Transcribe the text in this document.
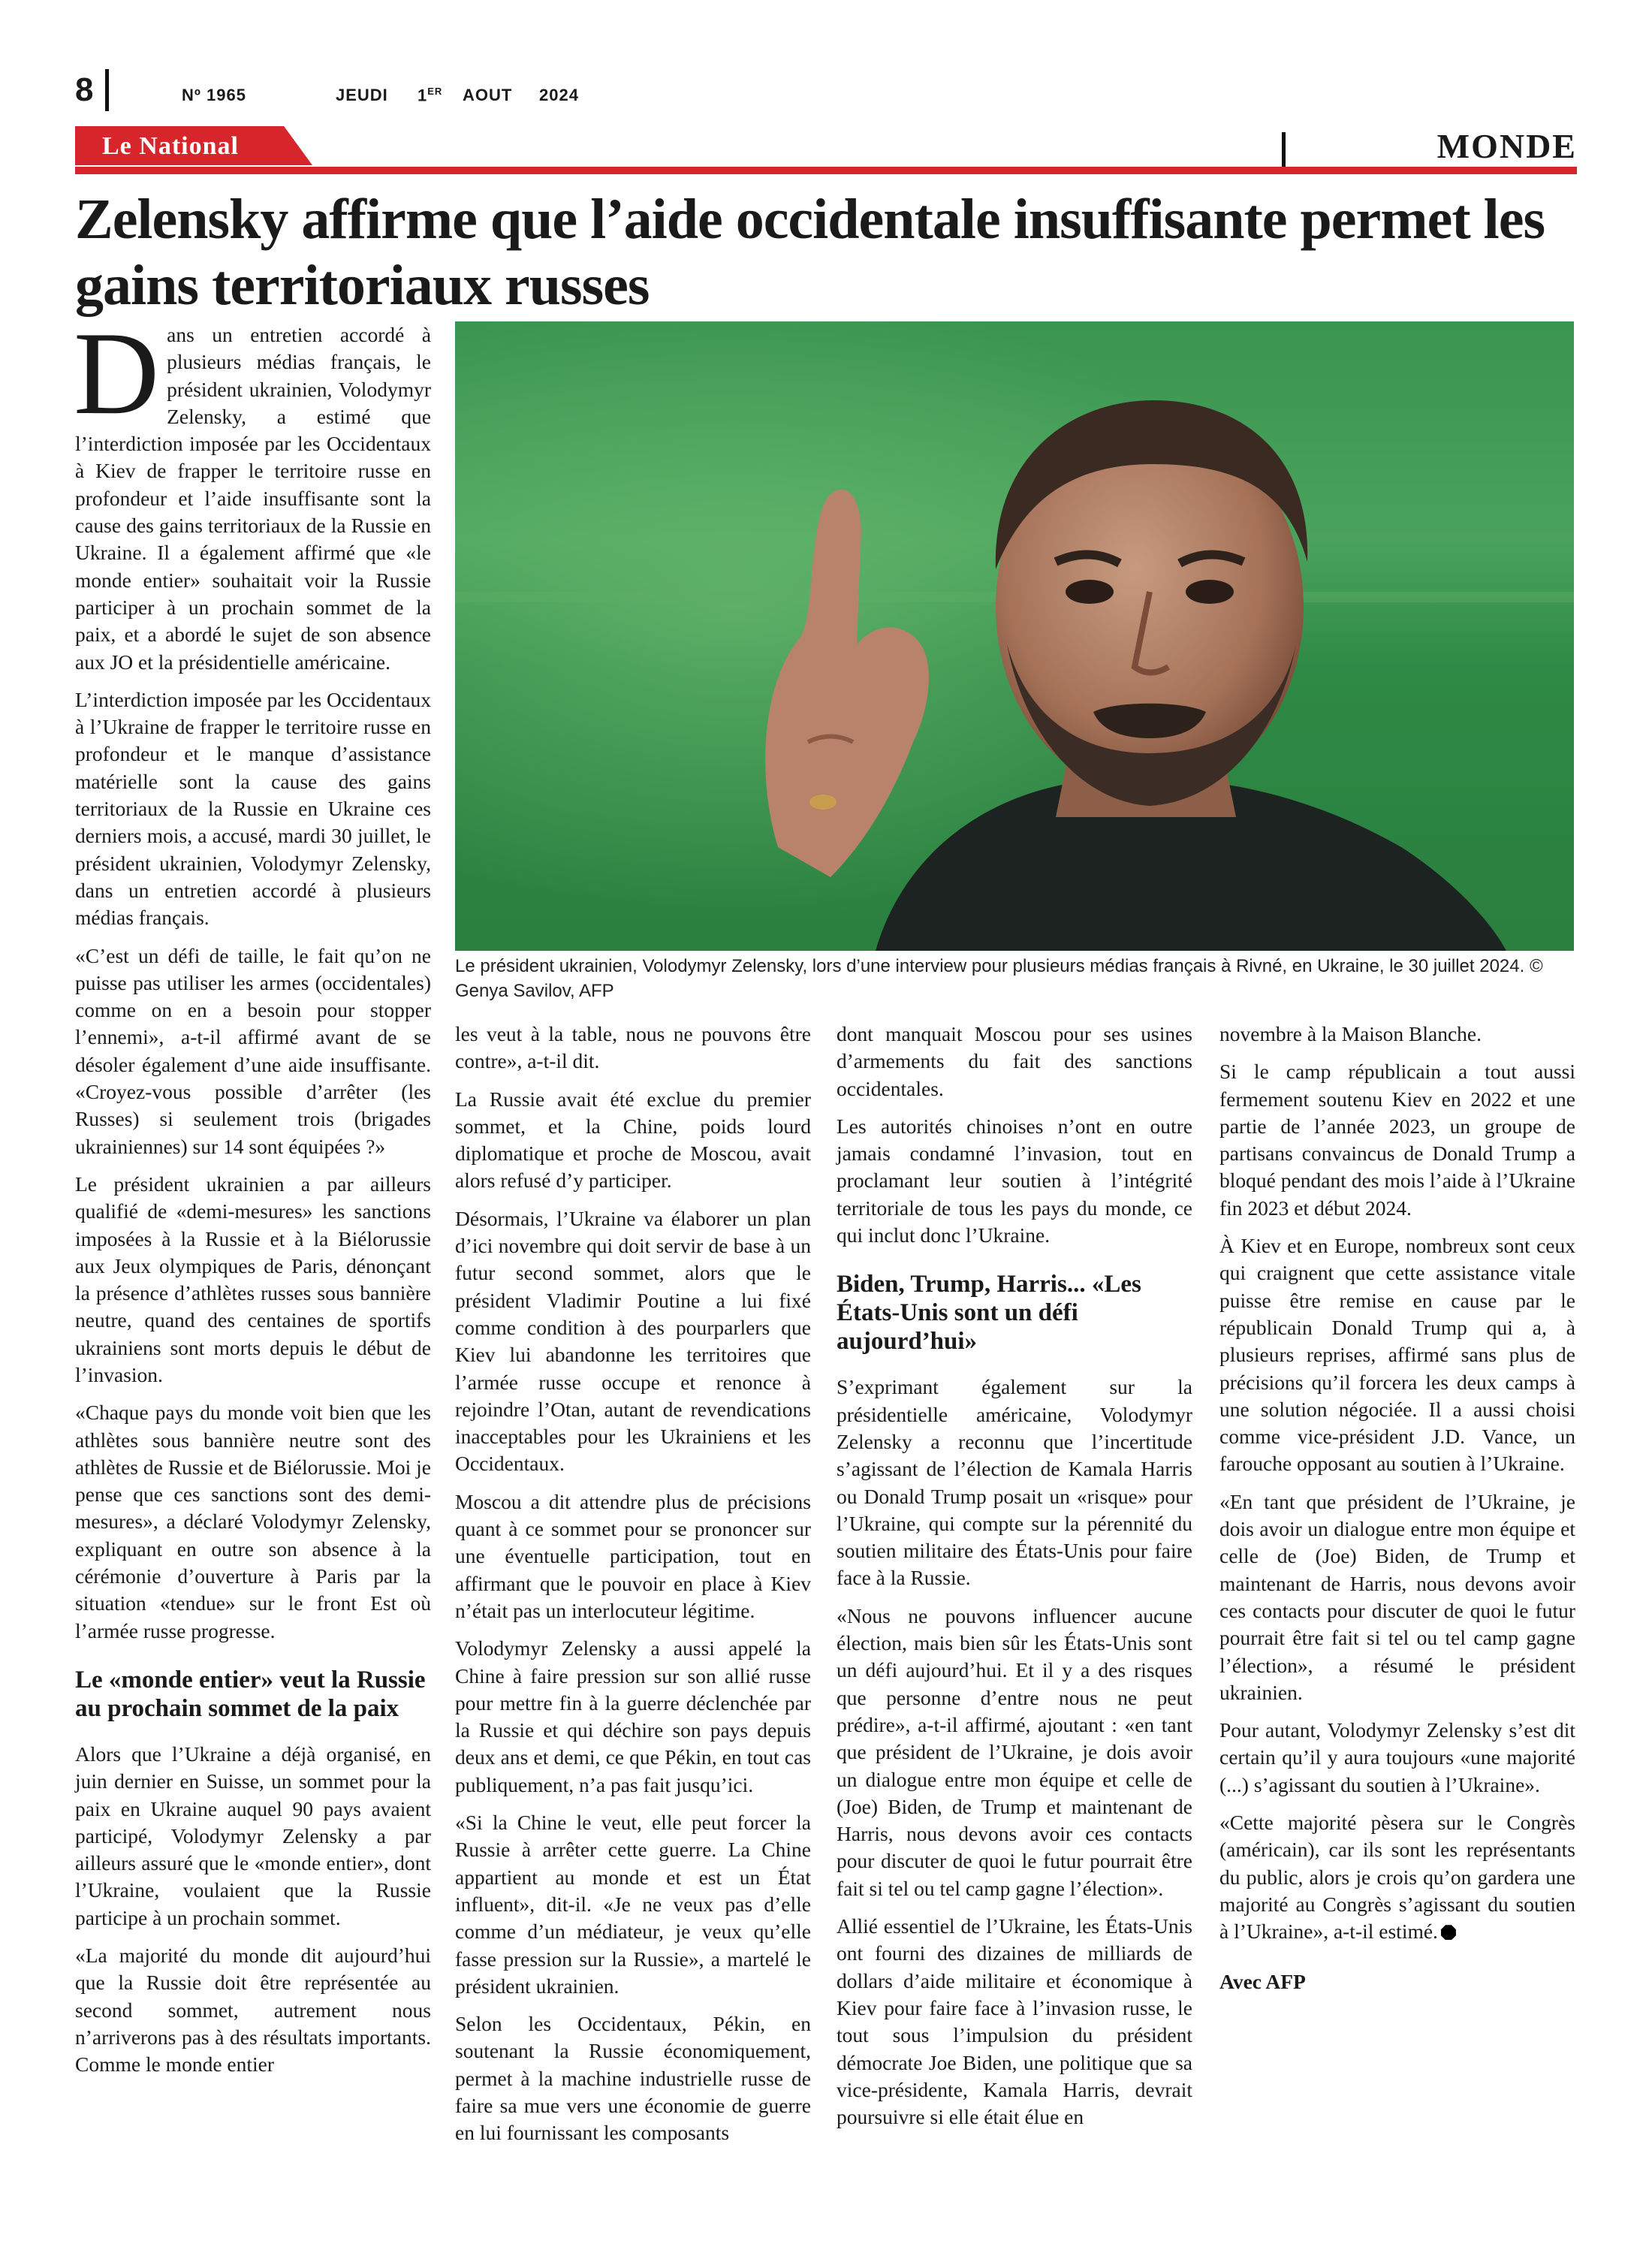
8	Nº 1965	JEUDI 1ER AOUT 2024
Le National	MONDE
Zelensky affirme que l’aide occidentale insuffisante permet les gains territoriaux russes
Le président ukrainien, Volodymyr Zelensky, lors d’une interview pour plusieurs médias français à Rivné, en Ukraine, le 30 juillet 2024. © Genya Savilov, AFP

Dans un entretien accordé à plusieurs médias français, le président ukrainien, Volodymyr Zelensky, a estimé que l’interdiction imposée par les Occidentaux à Kiev de frapper le territoire russe en profondeur et l’aide insuffisante sont la cause des gains territoriaux de la Russie en Ukraine. Il a également affirmé que «le monde entier» souhaitait voir la Russie participer à un prochain sommet de la paix, et a abordé le sujet de son absence aux JO et la présidentielle américaine.

L’interdiction imposée par les Occidentaux à l’Ukraine de frapper le territoire russe en profondeur et le manque d’assistance matérielle sont la cause des gains territoriaux de la Russie en Ukraine ces derniers mois, a accusé, mardi 30 juillet, le président ukrainien, Volodymyr Zelensky, dans un entretien accordé à plusieurs médias français.

«C’est un défi de taille, le fait qu’on ne puisse pas utiliser les armes (occidentales) comme on en a besoin pour stopper l’ennemi», a-t-il affirmé avant de se désoler également d’une aide insuffisante. «Croyez-vous possible d’arrêter (les Russes) si seulement trois (brigades ukrainiennes) sur 14 sont équipées ?»

Le président ukrainien a par ailleurs qualifié de «demi-mesures» les sanctions imposées à la Russie et à la Biélorussie aux Jeux olympiques de Paris, dénonçant la présence d’athlètes russes sous bannière neutre, quand des centaines de sportifs ukrainiens sont morts depuis le début de l’invasion.

«Chaque pays du monde voit bien que les athlètes sous bannière neutre sont des athlètes de Russie et de Biélorussie. Moi je pense que ces sanctions sont des demi-mesures», a déclaré Volodymyr Zelensky, expliquant en outre son absence à la cérémonie d’ouverture à Paris par la situation «tendue» sur le front Est où l’armée russe progresse.

Le «monde entier» veut la Russie au prochain sommet de la paix

Alors que l’Ukraine a déjà organisé, en juin dernier en Suisse, un sommet pour la paix en Ukraine auquel 90 pays avaient participé, Volodymyr Zelensky a par ailleurs assuré que le «monde entier», dont l’Ukraine, voulaient que la Russie participe à un prochain sommet.

«La majorité du monde dit aujourd’hui que la Russie doit être représentée au second sommet, autrement nous n’arriverons pas à des résultats importants. Comme le monde entier

les veut à la table, nous ne pouvons être contre», a-t-il dit.

La Russie avait été exclue du premier sommet, et la Chine, poids lourd diplomatique et proche de Moscou, avait alors refusé d’y participer.

Désormais, l’Ukraine va élaborer un plan d’ici novembre qui doit servir de base à un futur second sommet, alors que le président Vladimir Poutine a lui fixé comme condition à des pourparlers que Kiev lui abandonne les territoires que l’armée russe occupe et renonce à rejoindre l’Otan, autant de revendications inacceptables pour les Ukrainiens et les Occidentaux.

Moscou a dit attendre plus de précisions quant à ce sommet pour se prononcer sur une éventuelle participation, tout en affirmant que le pouvoir en place à Kiev n’était pas un interlocuteur légitime.

Volodymyr Zelensky a aussi appelé la Chine à faire pression sur son allié russe pour mettre fin à la guerre déclenchée par la Russie et qui déchire son pays depuis deux ans et demi, ce que Pékin, en tout cas publiquement, n’a pas fait jusqu’ici.

«Si la Chine le veut, elle peut forcer la Russie à arrêter cette guerre. La Chine appartient au monde et est un État influent», dit-il. «Je ne veux pas d’elle comme d’un médiateur, je veux qu’elle fasse pression sur la Russie», a martelé le président ukrainien.

Selon les Occidentaux, Pékin, en soutenant la Russie économiquement, permet à la machine industrielle russe de faire sa mue vers une économie de guerre en lui fournissant les composants

dont manquait Moscou pour ses usines d’armements du fait des sanctions occidentales.

Les autorités chinoises n’ont en outre jamais condamné l’invasion, tout en proclamant leur soutien à l’intégrité territoriale de tous les pays du monde, ce qui inclut donc l’Ukraine.

Biden, Trump, Harris... «Les États-Unis sont un défi aujourd’hui»

S’exprimant également sur la présidentielle américaine, Volodymyr Zelensky a reconnu que l’incertitude s’agissant de l’élection de Kamala Harris ou Donald Trump posait un «risque» pour l’Ukraine, qui compte sur la pérennité du soutien militaire des États-Unis pour faire face à la Russie.

«Nous ne pouvons influencer aucune élection, mais bien sûr les États-Unis sont un défi aujourd’hui. Et il y a des risques que personne d’entre nous ne peut prédire», a-t-il affirmé, ajoutant : «en tant que président de l’Ukraine, je dois avoir un dialogue entre mon équipe et celle de (Joe) Biden, de Trump et maintenant de Harris, nous devons avoir ces contacts pour discuter de quoi le futur pourrait être fait si tel ou tel camp gagne l’élection».

Allié essentiel de l’Ukraine, les États-Unis ont fourni des dizaines de milliards de dollars d’aide militaire et économique à Kiev pour faire face à l’invasion russe, le tout sous l’impulsion du président démocrate Joe Biden, une politique que sa vice-présidente, Kamala Harris, devrait poursuivre si elle était élue en

novembre à la Maison Blanche.

Si le camp républicain a tout aussi fermement soutenu Kiev en 2022 et une partie de l’année 2023, un groupe de partisans convaincus de Donald Trump a bloqué pendant des mois l’aide à l’Ukraine fin 2023 et début 2024.

À Kiev et en Europe, nombreux sont ceux qui craignent que cette assistance vitale puisse être remise en cause par le républicain Donald Trump qui a, à plusieurs reprises, affirmé sans plus de précisions qu’il forcera les deux camps à une solution négociée. Il a aussi choisi comme vice-président J.D. Vance, un farouche opposant au soutien à l’Ukraine.

«En tant que président de l’Ukraine, je dois avoir un dialogue entre mon équipe et celle de (Joe) Biden, de Trump et maintenant de Harris, nous devons avoir ces contacts pour discuter de quoi le futur pourrait être fait si tel ou tel camp gagne l’élection», a résumé le président ukrainien.

Pour autant, Volodymyr Zelensky s’est dit certain qu’il y aura toujours «une majorité (...) s’agissant du soutien à l’Ukraine».

«Cette majorité pèsera sur le Congrès (américain), car ils sont les représentants du public, alors je crois qu’on gardera une majorité au Congrès s’agissant du soutien à l’Ukraine», a-t-il estimé.

Avec AFP
